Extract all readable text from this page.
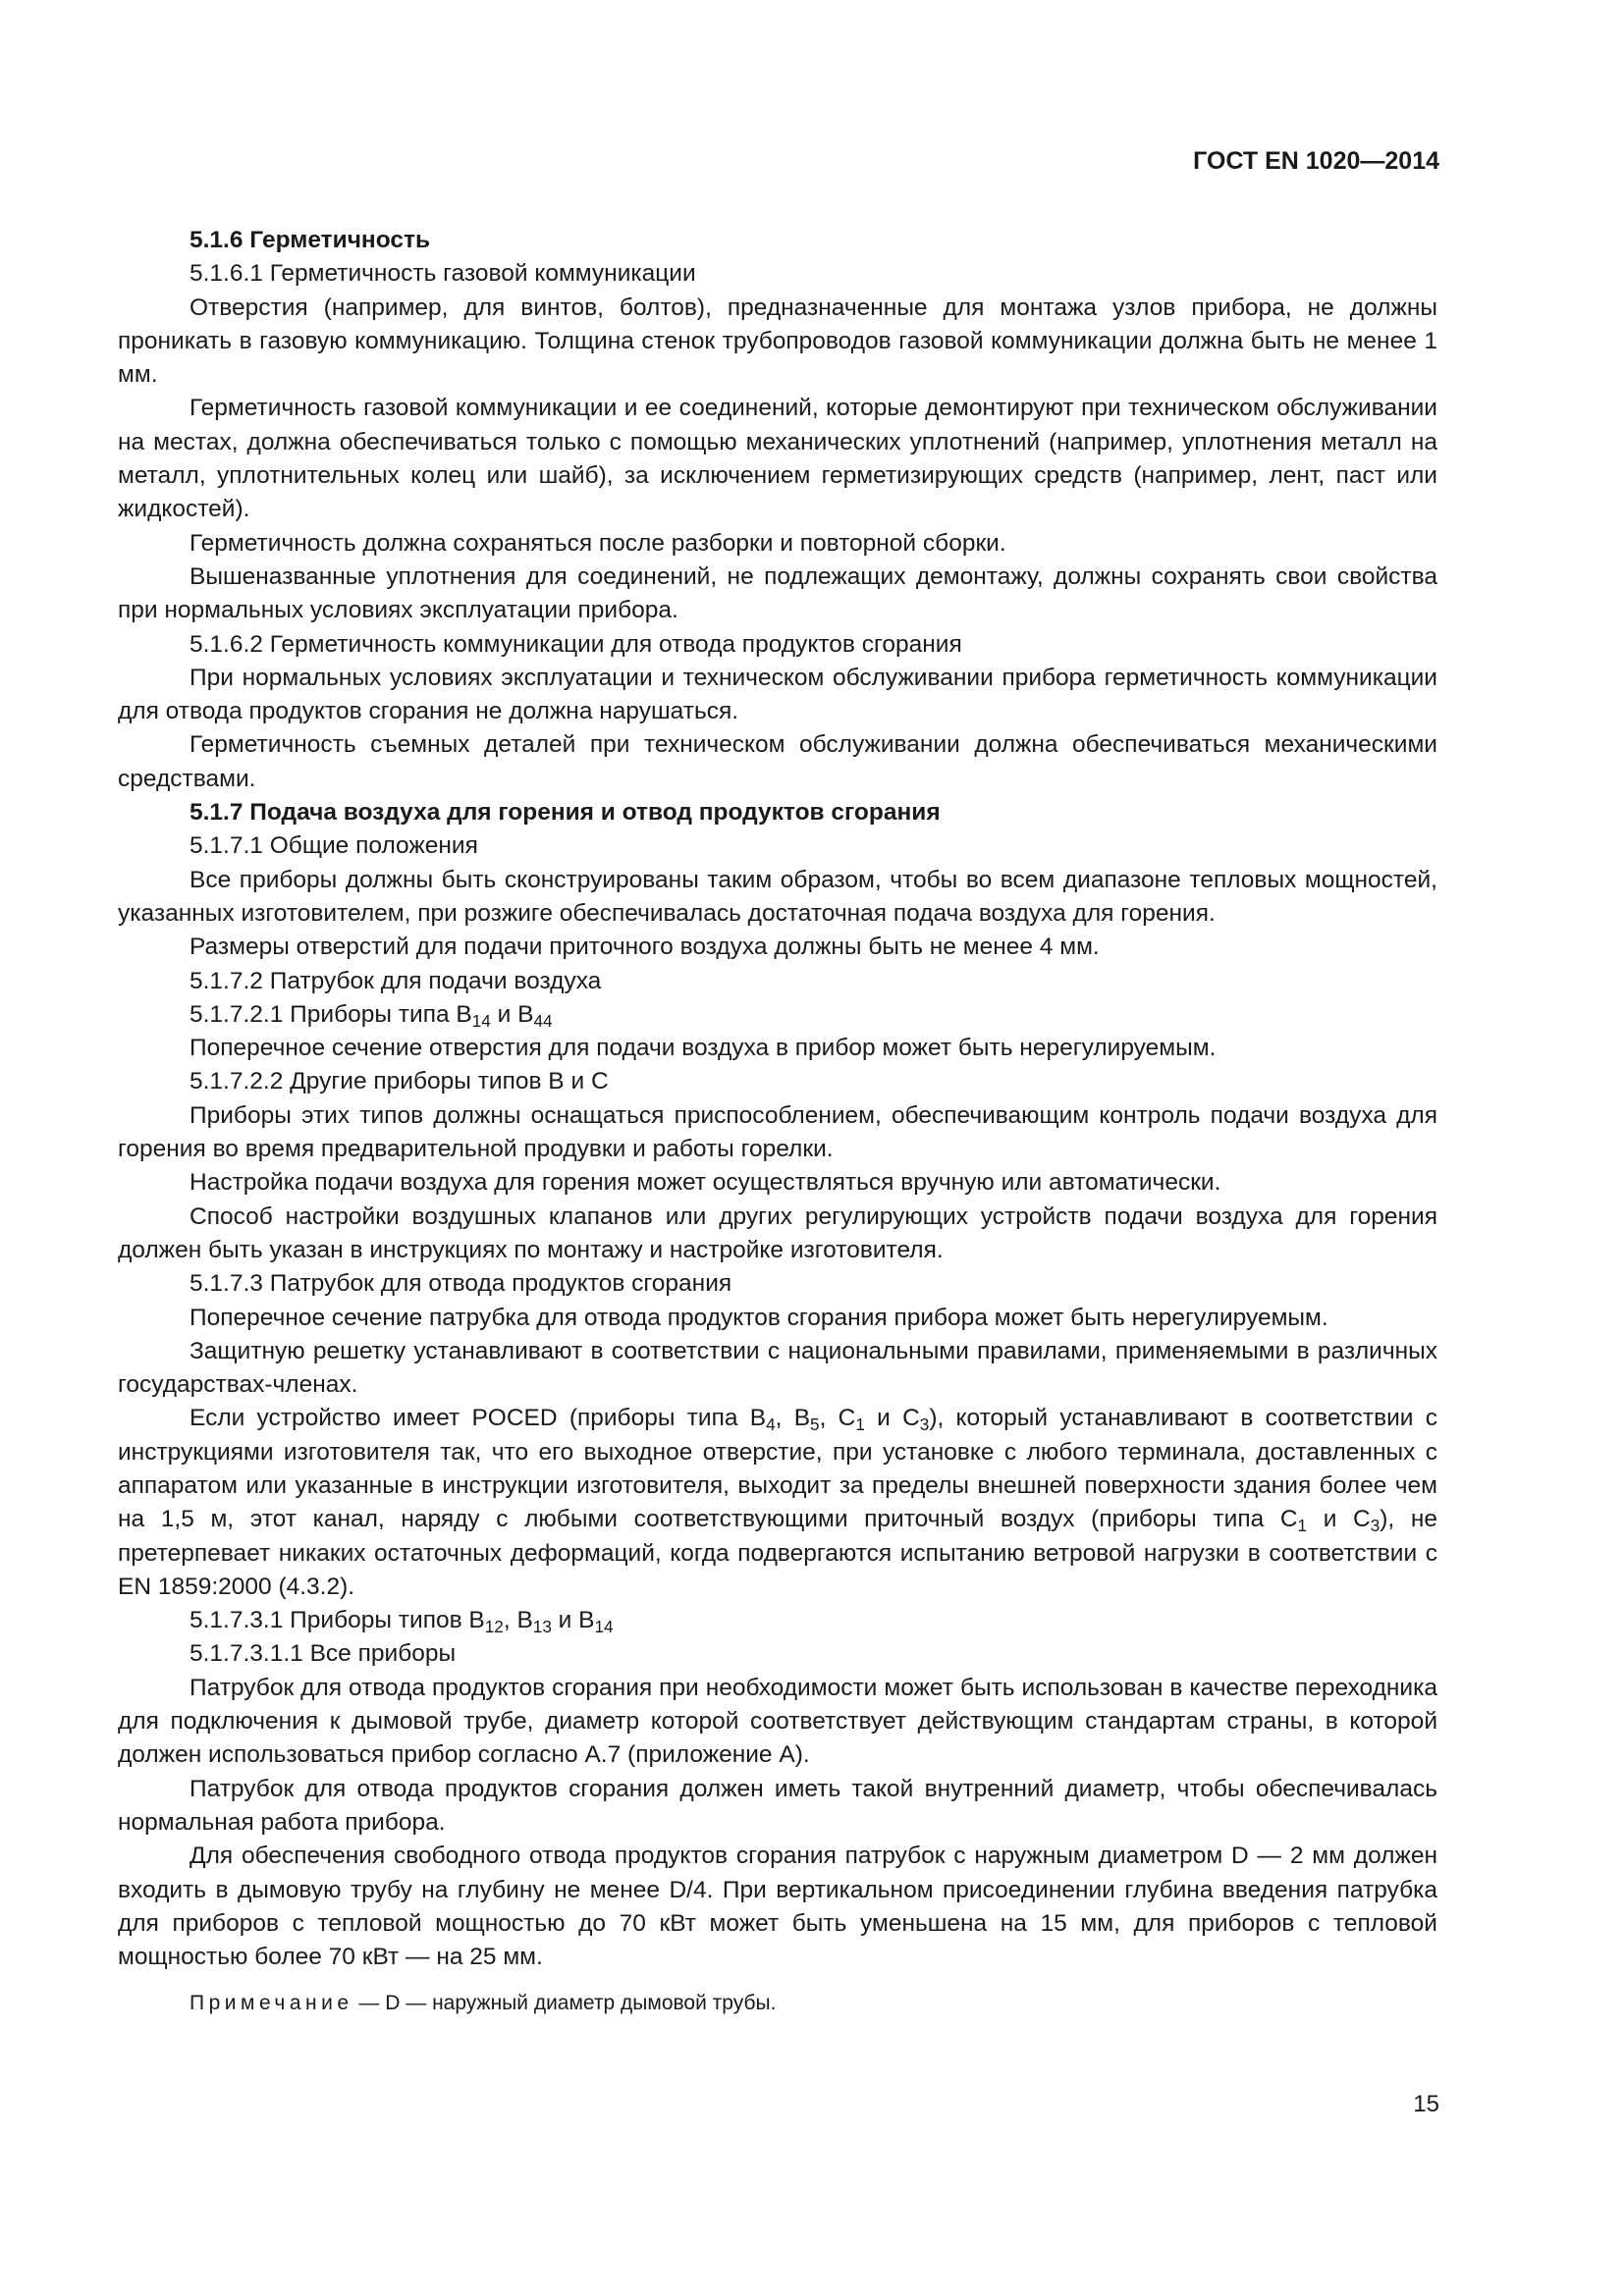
ГОСТ EN 1020—2014

5.1.6 Герметичность

5.1.6.1 Герметичность газовой коммуникации

Отверстия (например, для винтов, болтов), предназначенные для монтажа узлов прибора, не должны проникать в газовую коммуникацию. Толщина стенок трубопроводов газовой коммуникации должна быть не менее 1 мм.

Герметичность газовой коммуникации и ее соединений, которые демонтируют при техническом обслуживании на местах, должна обеспечиваться только с помощью механических уплотнений (например, уплотнения металл на металл, уплотнительных колец или шайб), за исключением герметизирующих средств (например, лент, паст или жидкостей).

Герметичность должна сохраняться после разборки и повторной сборки.

Вышеназванные уплотнения для соединений, не подлежащих демонтажу, должны сохранять свои свойства при нормальных условиях эксплуатации прибора.

5.1.6.2 Герметичность коммуникации для отвода продуктов сгорания

При нормальных условиях эксплуатации и техническом обслуживании прибора герметичность коммуникации для отвода продуктов сгорания не должна нарушаться.

Герметичность съемных деталей при техническом обслуживании должна обеспечиваться механическими средствами.

5.1.7 Подача воздуха для горения и отвод продуктов сгорания

5.1.7.1 Общие положения

Все приборы должны быть сконструированы таким образом, чтобы во всем диапазоне тепловых мощностей, указанных изготовителем, при розжиге обеспечивалась достаточная подача воздуха для горения.

Размеры отверстий для подачи приточного воздуха должны быть не менее 4 мм.

5.1.7.2 Патрубок для подачи воздуха

5.1.7.2.1 Приборы типа $B_{14}$ и $B_{44}$

Поперечное сечение отверстия для подачи воздуха в прибор может быть нерегулируемым.

5.1.7.2.2 Другие приборы типов B и C

Приборы этих типов должны оснащаться приспособлением, обеспечивающим контроль подачи воздуха для горения во время предварительной продувки и работы горелки.

Настройка подачи воздуха для горения может осуществляться вручную или автоматически.

Способ настройки воздушных клапанов или других регулирующих устройств подачи воздуха для горения должен быть указан в инструкциях по монтажу и настройке изготовителя.

5.1.7.3 Патрубок для отвода продуктов сгорания

Поперечное сечение патрубка для отвода продуктов сгорания прибора может быть нерегулируемым.

Защитную решетку устанавливают в соответствии с национальными правилами, применяемыми в различных государствах-членах.

Если устройство имеет POCED (приборы типа $B_4$, $B_5$, $C_1$ и $C_3$), который устанавливают в соответствии с инструкциями изготовителя так, что его выходное отверстие, при установке с любого терминала, доставленных с аппаратом или указанные в инструкции изготовителя, выходит за пределы внешней поверхности здания более чем на 1,5 м, этот канал, наряду с любыми соответствующими приточный воздух (приборы типа $C_1$ и $C_3$), не претерпевает никаких остаточных деформаций, когда подвергаются испытанию ветровой нагрузки в соответствии с EN 1859:2000 (4.3.2).

5.1.7.3.1 Приборы типов $B_{12}$, $B_{13}$ и $B_{14}$

5.1.7.3.1.1 Все приборы

Патрубок для отвода продуктов сгорания при необходимости может быть использован в качестве переходника для подключения к дымовой трубе, диаметр которой соответствует действующим стандартам страны, в которой должен использоваться прибор согласно А.7 (приложение А).

Патрубок для отвода продуктов сгорания должен иметь такой внутренний диаметр, чтобы обеспечивалась нормальная работа прибора.

Для обеспечения свободного отвода продуктов сгорания патрубок с наружным диаметром D — 2 мм должен входить в дымовую трубу на глубину не менее D/4. При вертикальном присоединении глубина введения патрубка для приборов с тепловой мощностью до 70 кВт может быть уменьшена на 15 мм, для приборов с тепловой мощностью более 70 кВт — на 25 мм.

Примечание — D — наружный диаметр дымовой трубы.

15
